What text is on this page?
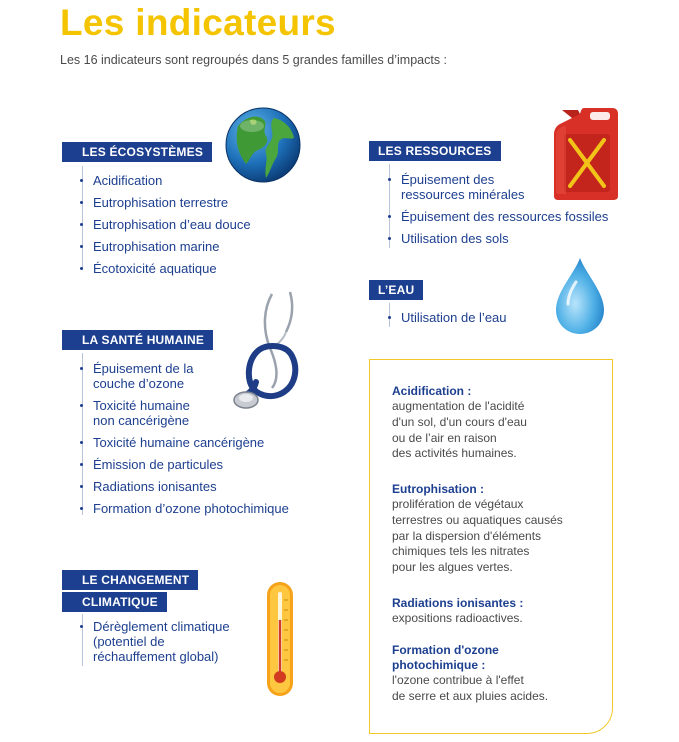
Les indicateurs
Les 16 indicateurs sont regroupés dans 5 grandes familles d’impacts :
LES ÉCOSYSTÈMES
Acidification
Eutrophisation terrestre
Eutrophisation d’eau douce
Eutrophisation marine
Écotoxicité aquatique
LA SANTÉ HUMAINE
Épuisement de la
couche d’ozone
Toxicité humaine
non cancérigène
Toxicité humaine cancérigène
Émission de particules
Radiations ionisantes
Formation d’ozone photochimique
LE CHANGEMENT
CLIMATIQUE
Dérèglement climatique
(potentiel de
réchauffement global)
LES RESSOURCES
Épuisement des
ressources minérales
Épuisement des ressources fossiles
Utilisation des sols
L’EAU
Utilisation de l’eau
Acidification :
augmentation de l'acidité
d'un sol, d'un cours d'eau
ou de l’air en raison
des activités humaines.
Eutrophisation :
prolifération de végétaux
terrestres ou aquatiques causés
par la dispersion d'éléments
chimiques tels les nitrates
pour les algues vertes.
Radiations ionisantes :
expositions radioactives.
Formation d'ozone
photochimique :
l'ozone contribue à l'effet
de serre et aux pluies acides.
